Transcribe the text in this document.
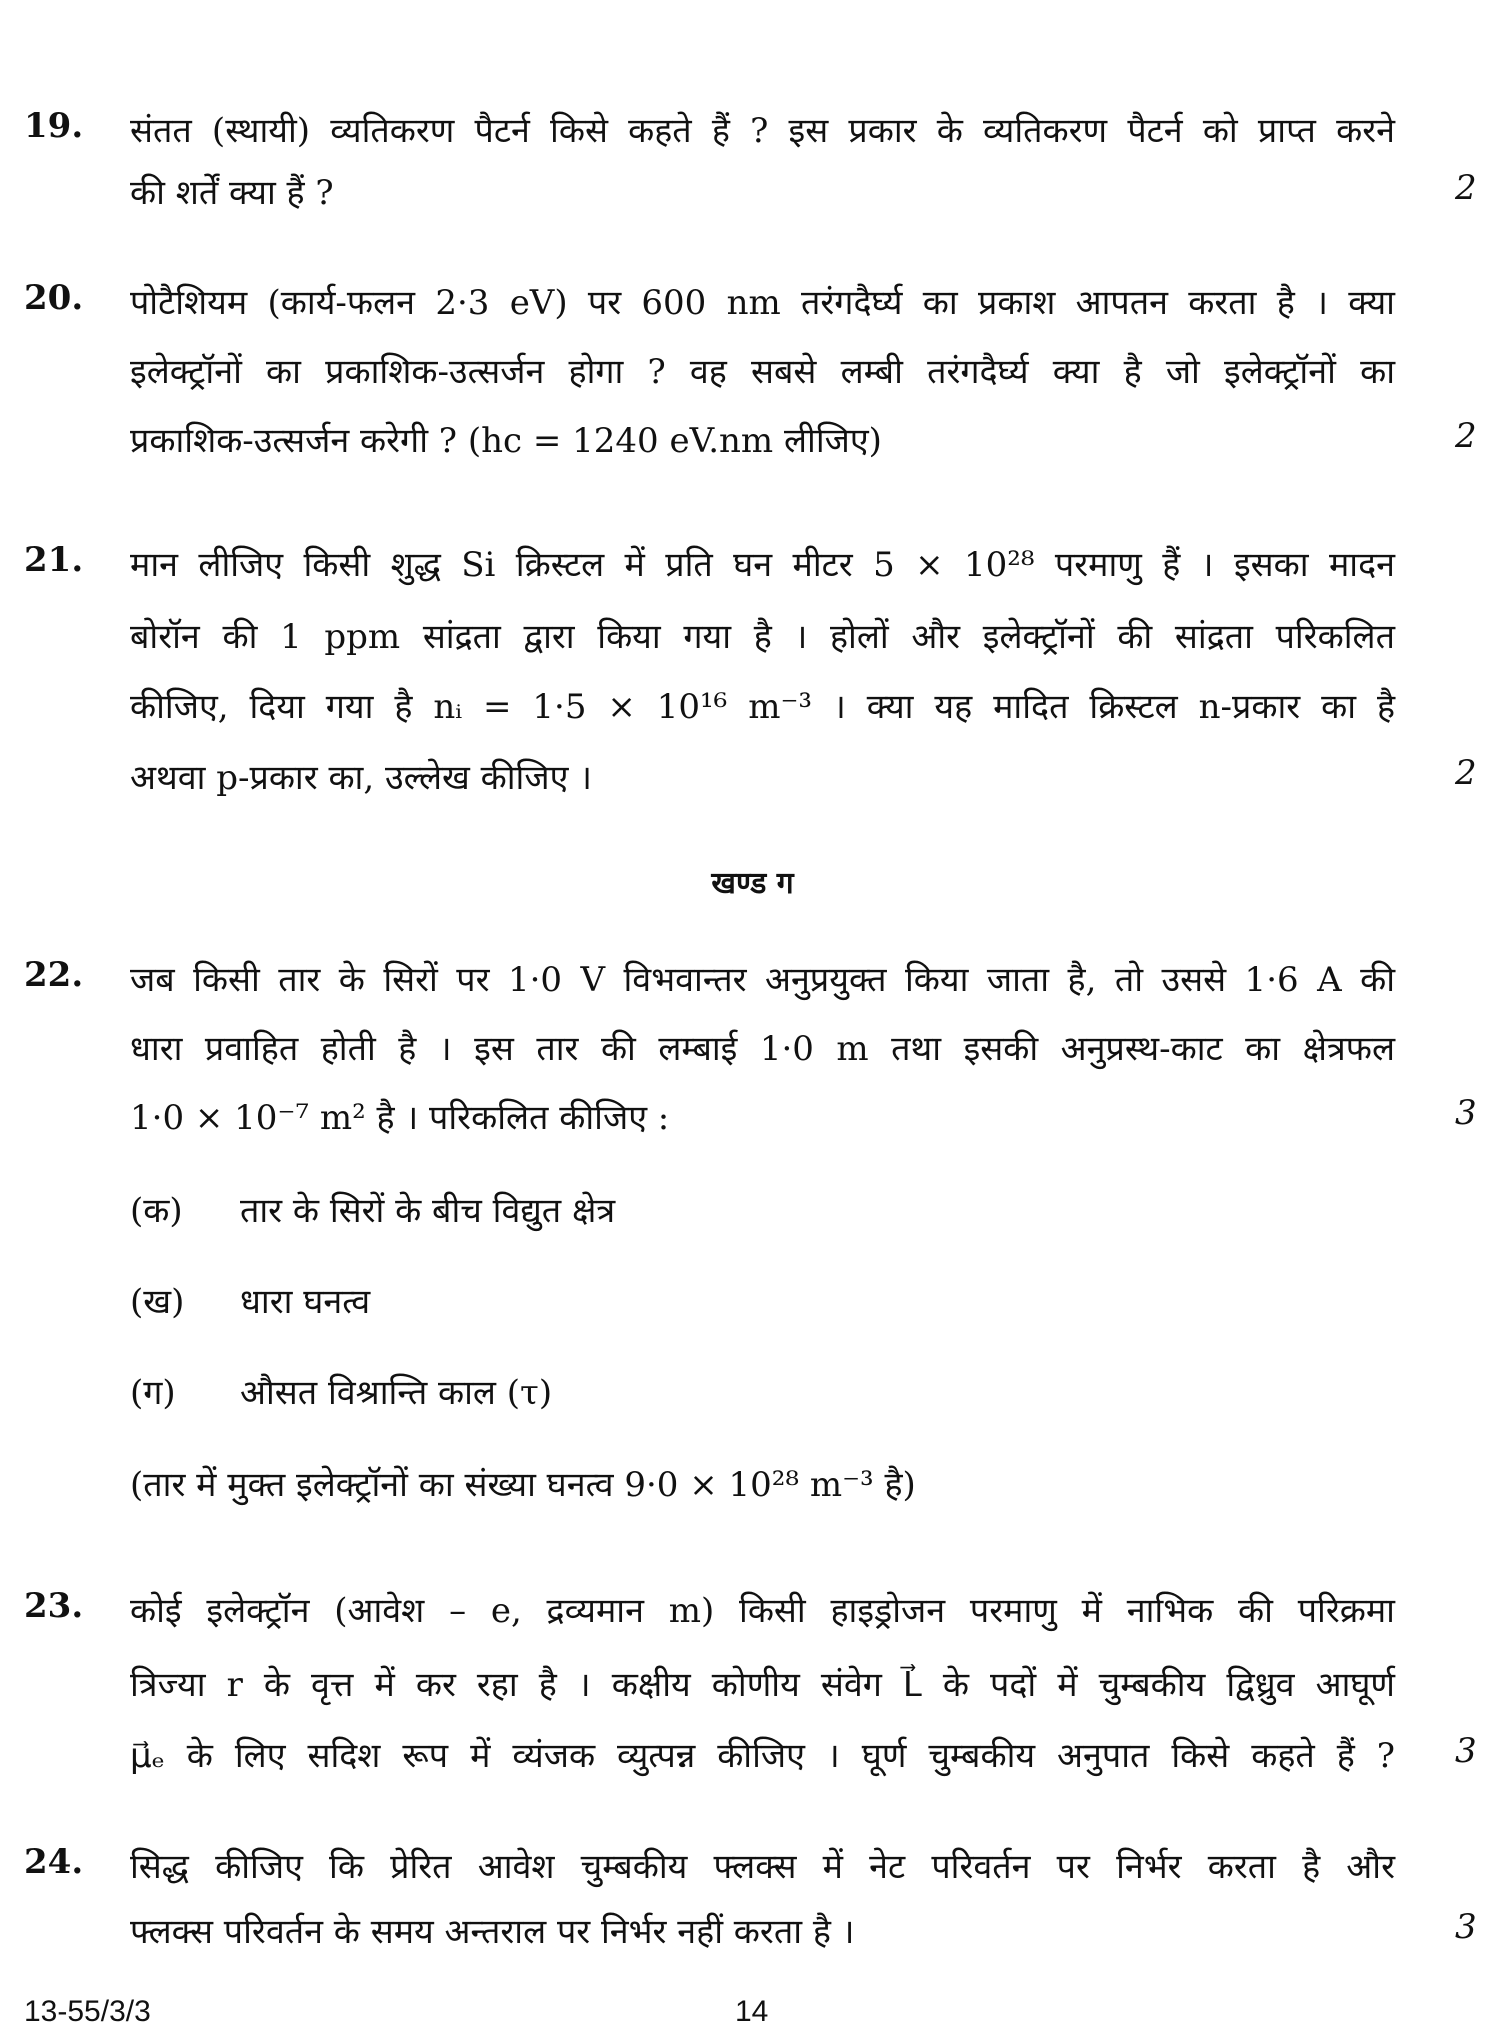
19. संतत (स्थायी) व्यतिकरण पैटर्न किसे कहते हैं ? इस प्रकार के व्यतिकरण पैटर्न को प्राप्त करने
की शर्तें क्या हैं ?	2
20. पोटैशियम (कार्य-फलन 2·3 eV) पर 600 nm तरंगदैर्घ्य का प्रकाश आपतन करता है । क्या
इलेक्ट्रॉनों का प्रकाशिक-उत्सर्जन होगा ? वह सबसे लम्बी तरंगदैर्घ्य क्या है जो इलेक्ट्रॉनों का
प्रकाशिक-उत्सर्जन करेगी ? (hc = 1240 eV.nm लीजिए)	2
21. मान लीजिए किसी शुद्ध Si क्रिस्टल में प्रति घन मीटर 5 × 10²⁸ परमाणु हैं । इसका मादन
बोरॉन की 1 ppm सांद्रता द्वारा किया गया है । होलों और इलेक्ट्रॉनों की सांद्रता परिकलित
कीजिए, दिया गया है nᵢ = 1·5 × 10¹⁶ m⁻³ । क्या यह मादित क्रिस्टल n-प्रकार का है
अथवा p-प्रकार का, उल्लेख कीजिए ।	2
खण्ड ग
22. जब किसी तार के सिरों पर 1·0 V विभवान्तर अनुप्रयुक्त किया जाता है, तो उससे 1·6 A की
धारा प्रवाहित होती है । इस तार की लम्बाई 1·0 m तथा इसकी अनुप्रस्थ-काट का क्षेत्रफल
1·0 × 10⁻⁷ m² है । परिकलित कीजिए :	3
(क) तार के सिरों के बीच विद्युत क्षेत्र
(ख) धारा घनत्व
(ग) औसत विश्रान्ति काल (τ)
(तार में मुक्त इलेक्ट्रॉनों का संख्या घनत्व 9·0 × 10²⁸ m⁻³ है)
23. कोई इलेक्ट्रॉन (आवेश – e, द्रव्यमान m) किसी हाइड्रोजन परमाणु में नाभिक की परिक्रमा
त्रिज्या r के वृत्त में कर रहा है । कक्षीय कोणीय संवेग L⃗ के पदों में चुम्बकीय द्विध्रुव आघूर्ण
μ⃗ₑ के लिए सदिश रूप में व्यंजक व्युत्पन्न कीजिए । घूर्ण चुम्बकीय अनुपात किसे कहते हैं ? 3
24. सिद्ध कीजिए कि प्रेरित आवेश चुम्बकीय फ्लक्स में नेट परिवर्तन पर निर्भर करता है और
फ्लक्स परिवर्तन के समय अन्तराल पर निर्भर नहीं करता है ।	3
13-55/3/3	14
